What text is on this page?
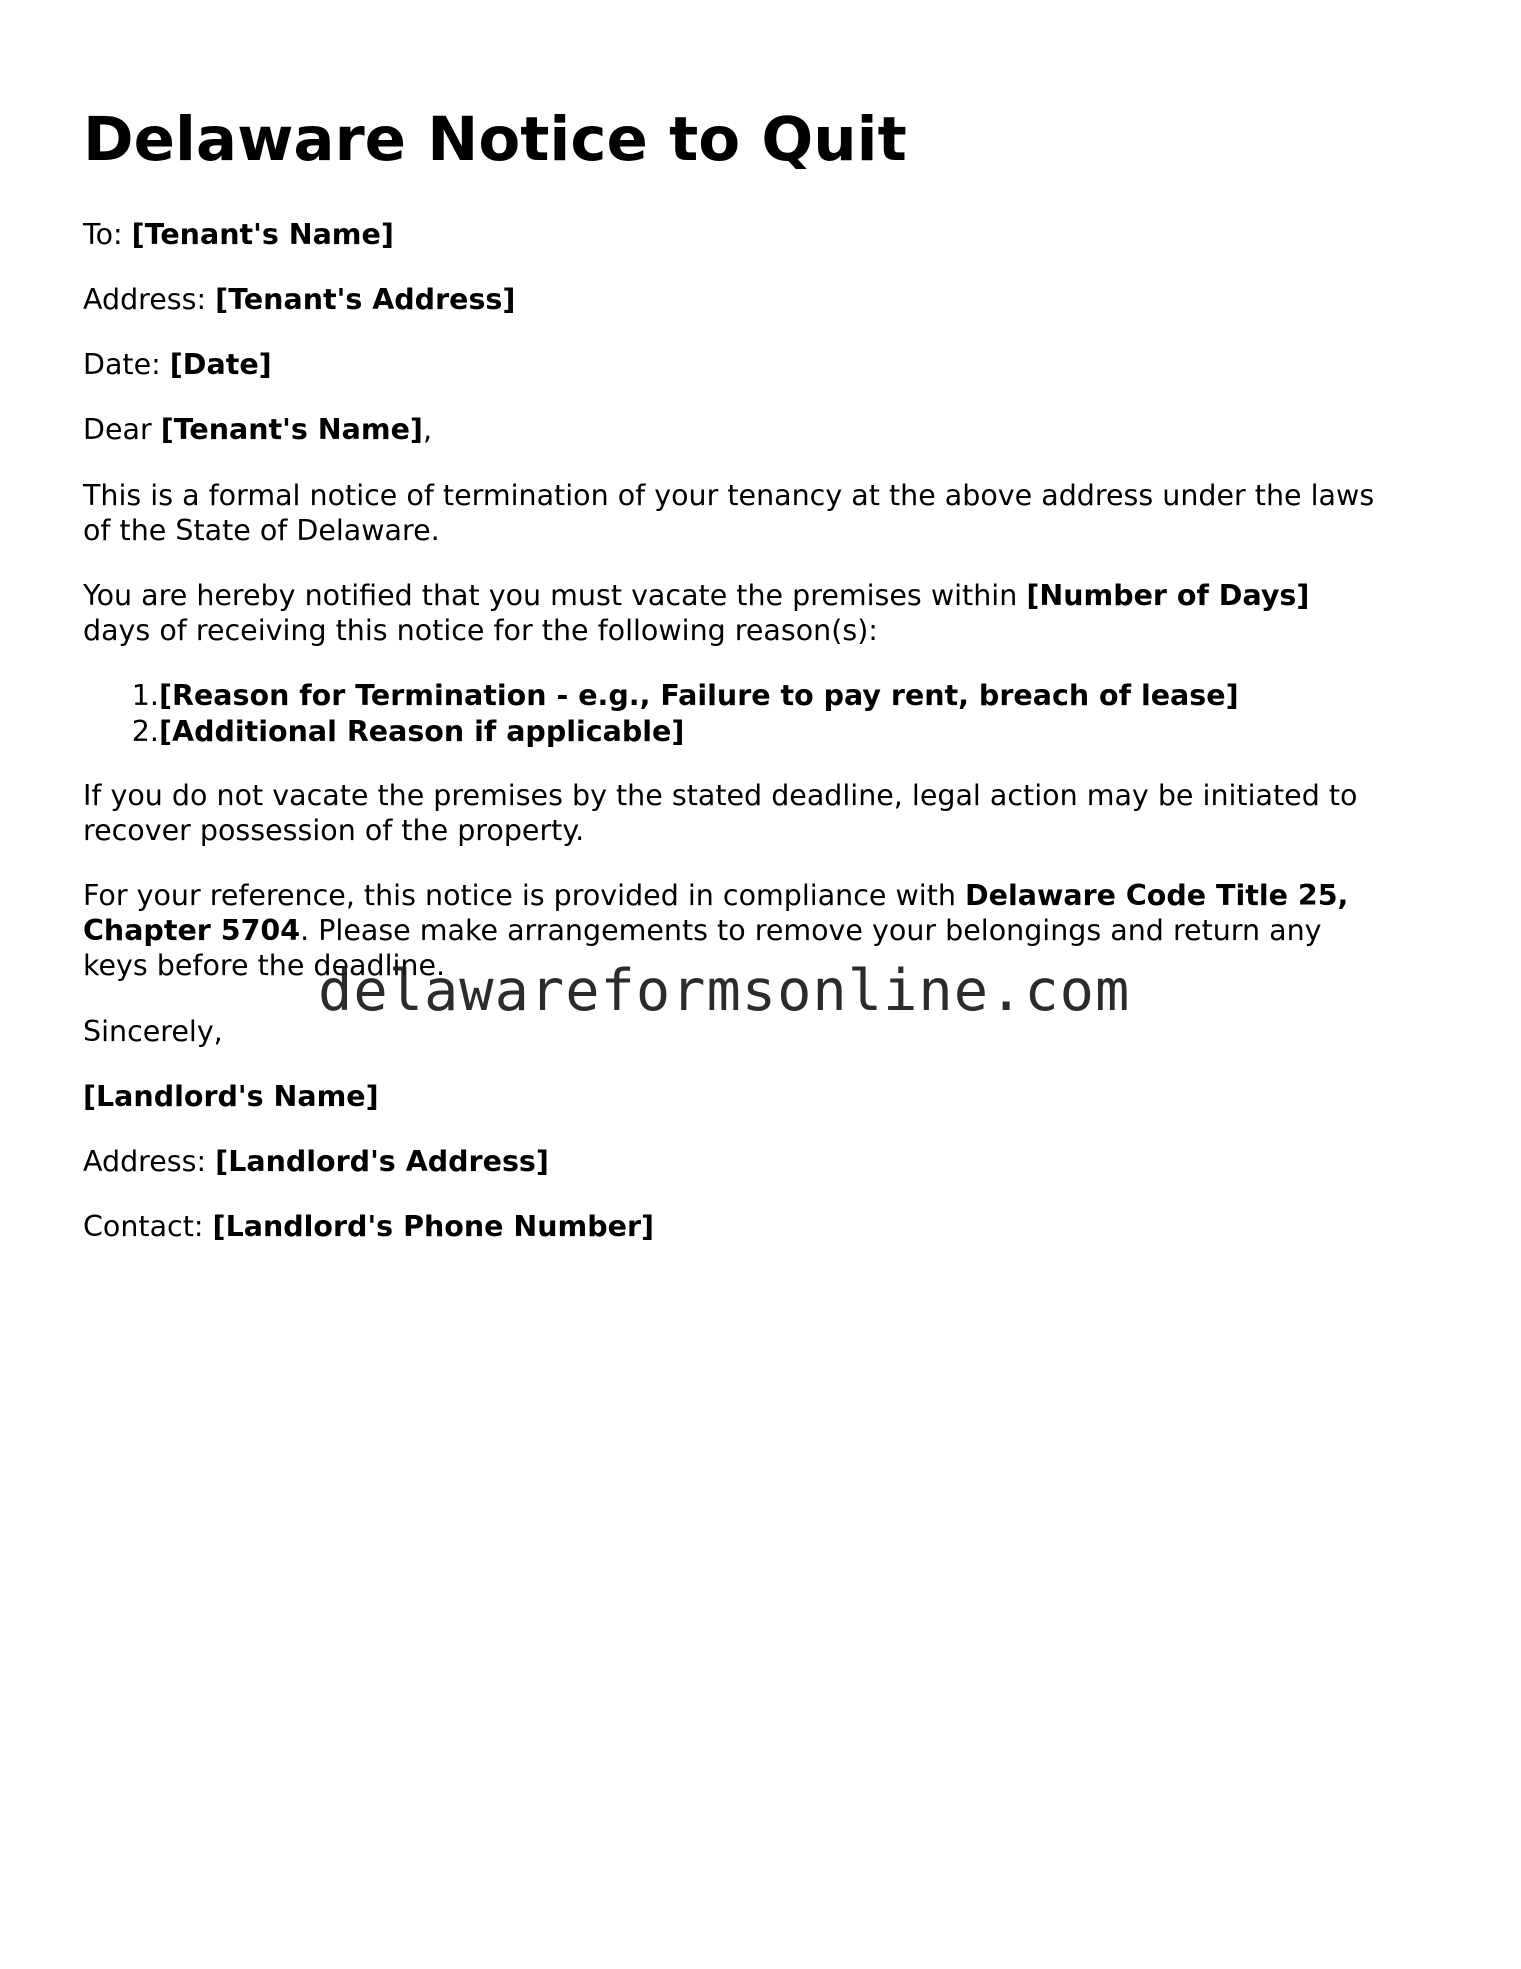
Delaware Notice to Quit

To: [Tenant's Name]

Address: [Tenant's Address]

Date: [Date]

Dear [Tenant's Name],

This is a formal notice of termination of your tenancy at the above address under the laws
of the State of Delaware.

You are hereby notified that you must vacate the premises within [Number of Days]
days of receiving this notice for the following reason(s):

1. [Reason for Termination - e.g., Failure to pay rent, breach of lease]
2. [Additional Reason if applicable]

If you do not vacate the premises by the stated deadline, legal action may be initiated to
recover possession of the property.

For your reference, this notice is provided in compliance with Delaware Code Title 25,
Chapter 5704. Please make arrangements to remove your belongings and return any
keys before the deadline.

Sincerely,

[Landlord's Name]

Address: [Landlord's Address]

Contact: [Landlord's Phone Number]

delawareformsonline.com
